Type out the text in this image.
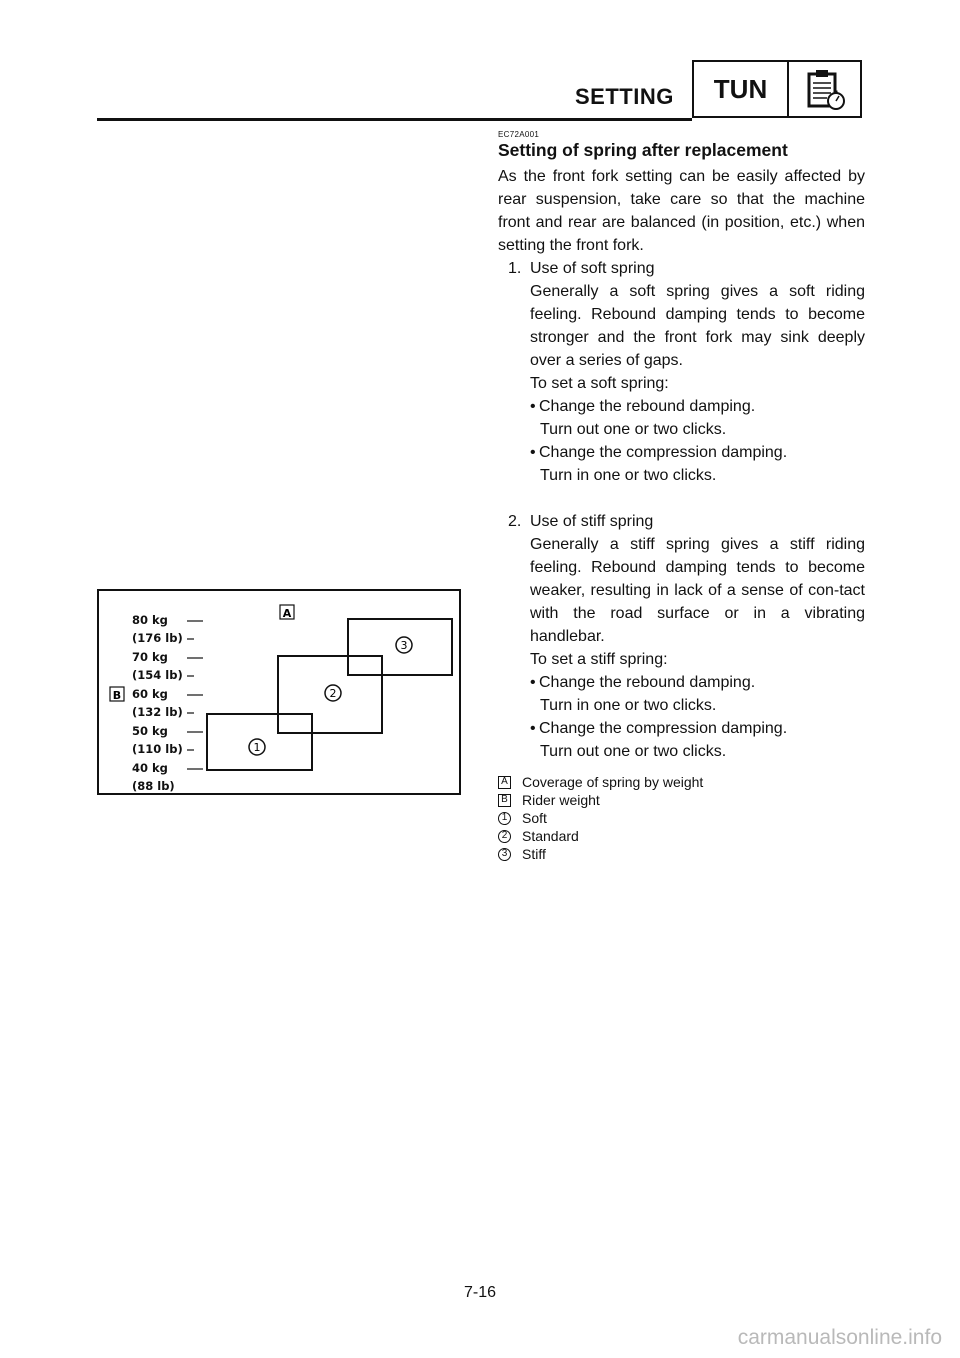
SETTING	TUN
80 kg
(176 lb)
70 kg
(154 lb)
60 kg
(132 lb)
50 kg
(110 lb)
40 kg
(88 lb)
A
B
1
2
3
EC72A001
Setting of spring after replacement

As the front fork setting can be easily affected by rear suspension, take care so that the machine front and rear are balanced (in position, etc.) when setting the front fork.

1. Use of soft spring

Generally a soft spring gives a soft riding feeling. Rebound damping tends to become stronger and the front fork may sink deeply over a series of gaps.

To set a soft spring:

• Change the rebound damping.

Turn out one or two clicks.

• Change the compression damping.

Turn in one or two clicks.

2. Use of stiff spring

Generally a stiff spring gives a stiff riding feeling. Rebound damping tends to become weaker, resulting in lack of a sense of con-tact with the road surface or in a vibrating handlebar.

To set a stiff spring:

• Change the rebound damping.

Turn in one or two clicks.

• Change the compression damping.

Turn out one or two clicks.

A Coverage of spring by weight
B Rider weight
1 Soft
2 Standard
3 Stiff
7-16
carmanualsonline.info
